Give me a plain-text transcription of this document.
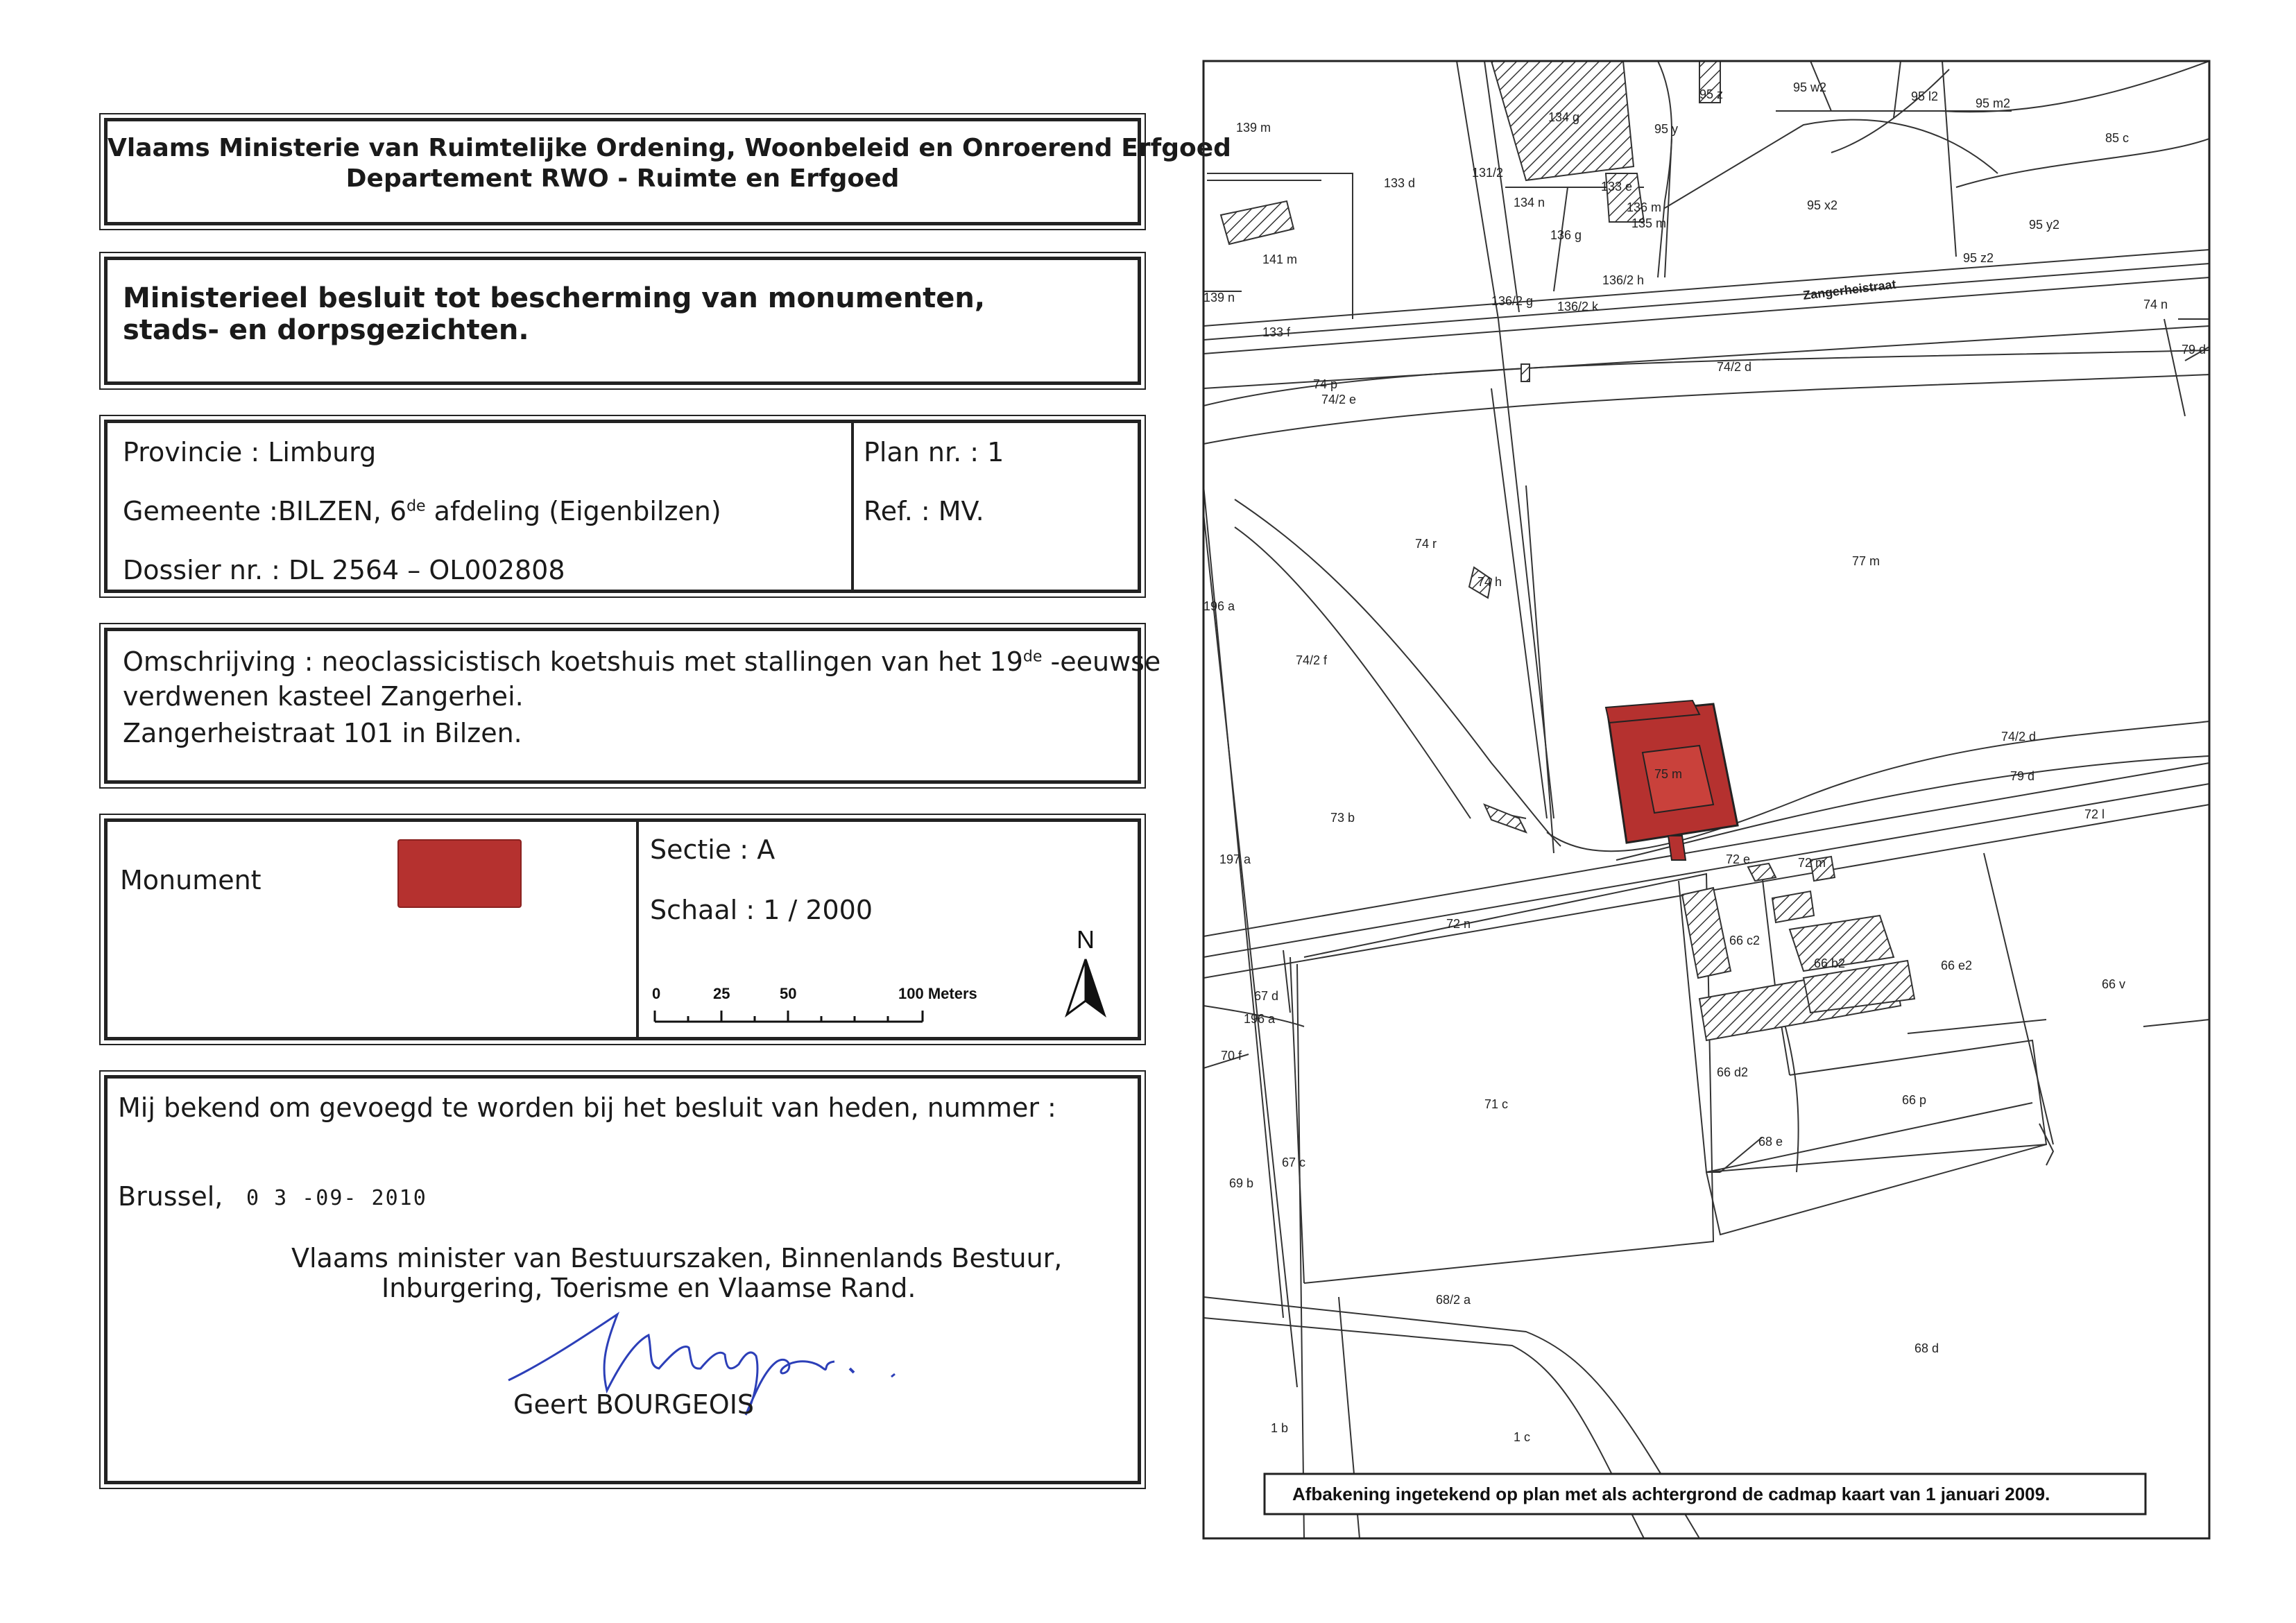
Vlaams Ministerie van Ruimtelijke Ordening, Woonbeleid en Onroerend Erfgoed
Departement RWO - Ruimte en Erfgoed
Ministerieel besluit tot bescherming van monumenten, stads- en dorpsgezichten.
Provincie : Limburg
Gemeente :BILZEN, 6de afdeling (Eigenbilzen)
Dossier nr. : DL 2564 – OL002808
Plan nr. : 1
Ref. : MV.
Omschrijving : neoclassicistisch koetshuis met stallingen van het 19de -eeuwse
verdwenen kasteel Zangerhei.
Zangerheistraat 101 in Bilzen.
Monument
Sectie : A
Schaal : 1 / 2000
0	25	50	100 Meters
N
Mij bekend om gevoegd te worden bij het besluit van heden, nummer :
Brussel, 0 3 -09- 2010
Vlaams minister van Bestuurszaken, Binnenlands Bestuur,
Inburgering, Toerisme en Vlaamse Rand.
Geert BOURGEOIS
Zangerheistraat
139 m
133 d
134 g
131/2
134 n
95 z
95 y
95 w2
95 l2	95 m2
85 c
133 e
136 m
135 m
136 g
95 x2
95 y2
95 z2
141 m
136/2 h
136/2 g 136/2 k
139 n
133 f
74 n
79 d
74 p
74/2 e
74/2 d
74 r
74 h
77 m
196 a
74/2 f
75 m
74/2 d
79 d
73 b
197 a
72 l
72 e	72 m
72 n
66 c2
66 b2	66 e2
66 v
67 d
196 a
70 f
66 d2
71 c	66 p
68 e
67 c
69 b
68/2 a
68 d
1 b
1 c
Afbakening ingetekend op plan met als achtergrond de cadmap kaart van 1 januari 2009.
